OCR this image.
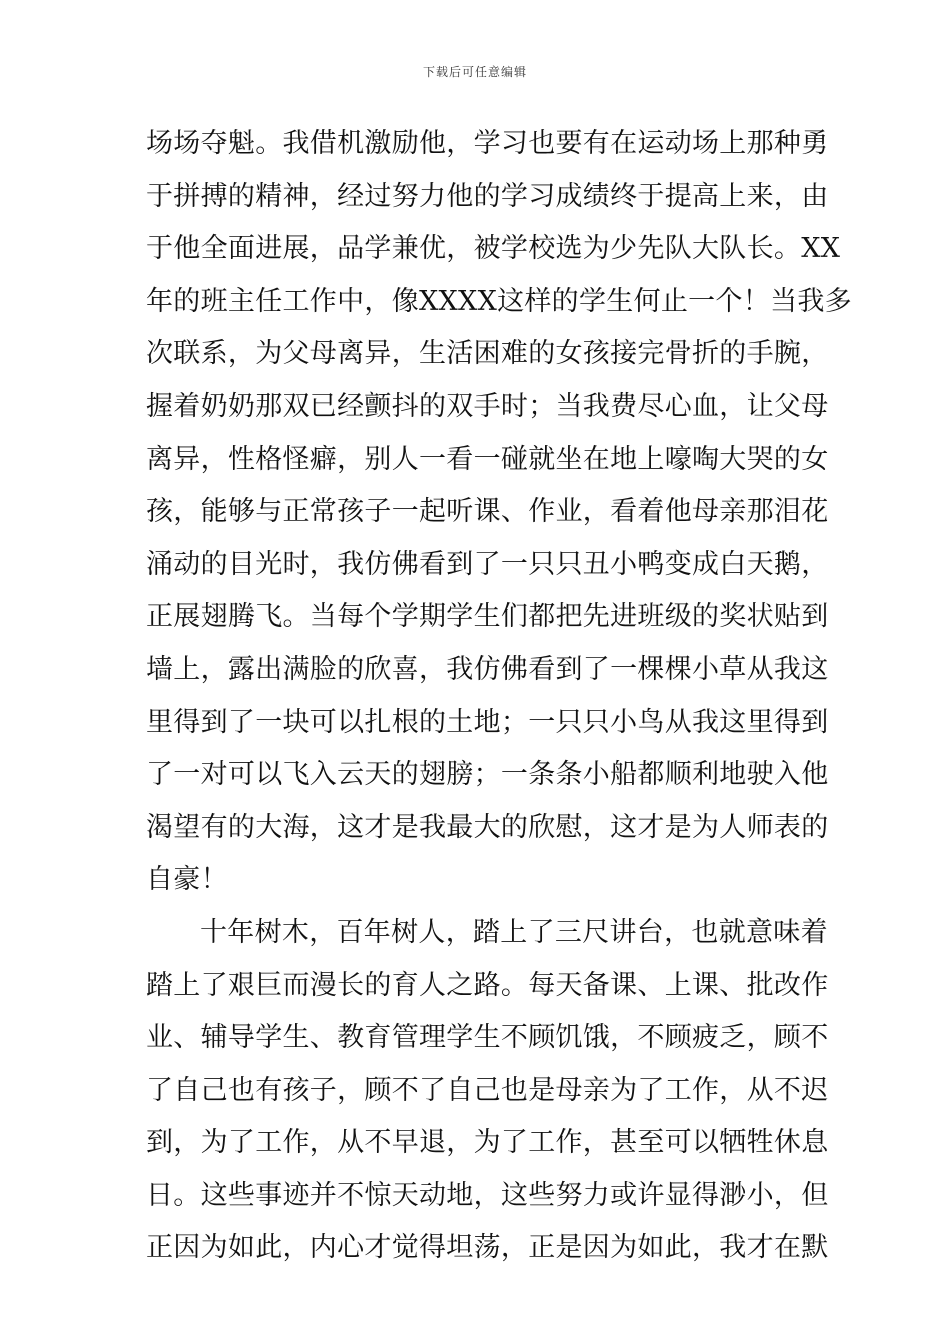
下载后可任意编辑
场场夺魁。我借机激励他，学习也要有在运动场上那种勇
于拼搏的精神，经过努力他的学习成绩终于提高上来，由
于他全面进展，品学兼优，被学校选为少先队大队长。XX
年的班主任工作中，像XXXX这样的学生何止一个！当我多
次联系，为父母离异，生活困难的女孩接完骨折的手腕，
握着奶奶那双已经颤抖的双手时；当我费尽心血，让父母
离异，性格怪癖，别人一看一碰就坐在地上嚎啕大哭的女
孩，能够与正常孩子一起听课、作业，看着他母亲那泪花
涌动的目光时，我仿佛看到了一只只丑小鸭变成白天鹅，
正展翅腾飞。当每个学期学生们都把先进班级的奖状贴到
墙上，露出满脸的欣喜，我仿佛看到了一棵棵小草从我这
里得到了一块可以扎根的土地；一只只小鸟从我这里得到
了一对可以飞入云天的翅膀；一条条小船都顺利地驶入他
渴望有的大海，这才是我最大的欣慰，这才是为人师表的
自豪！
十年树木，百年树人，踏上了三尺讲台，也就意味着
踏上了艰巨而漫长的育人之路。每天备课、上课、批改作
业、辅导学生、教育管理学生不顾饥饿，不顾疲乏，顾不
了自己也有孩子，顾不了自己也是母亲为了工作，从不迟
到，为了工作，从不早退，为了工作，甚至可以牺牲休息
日。这些事迹并不惊天动地，这些努力或许显得渺小，但
正因为如此，内心才觉得坦荡，正是因为如此，我才在默
